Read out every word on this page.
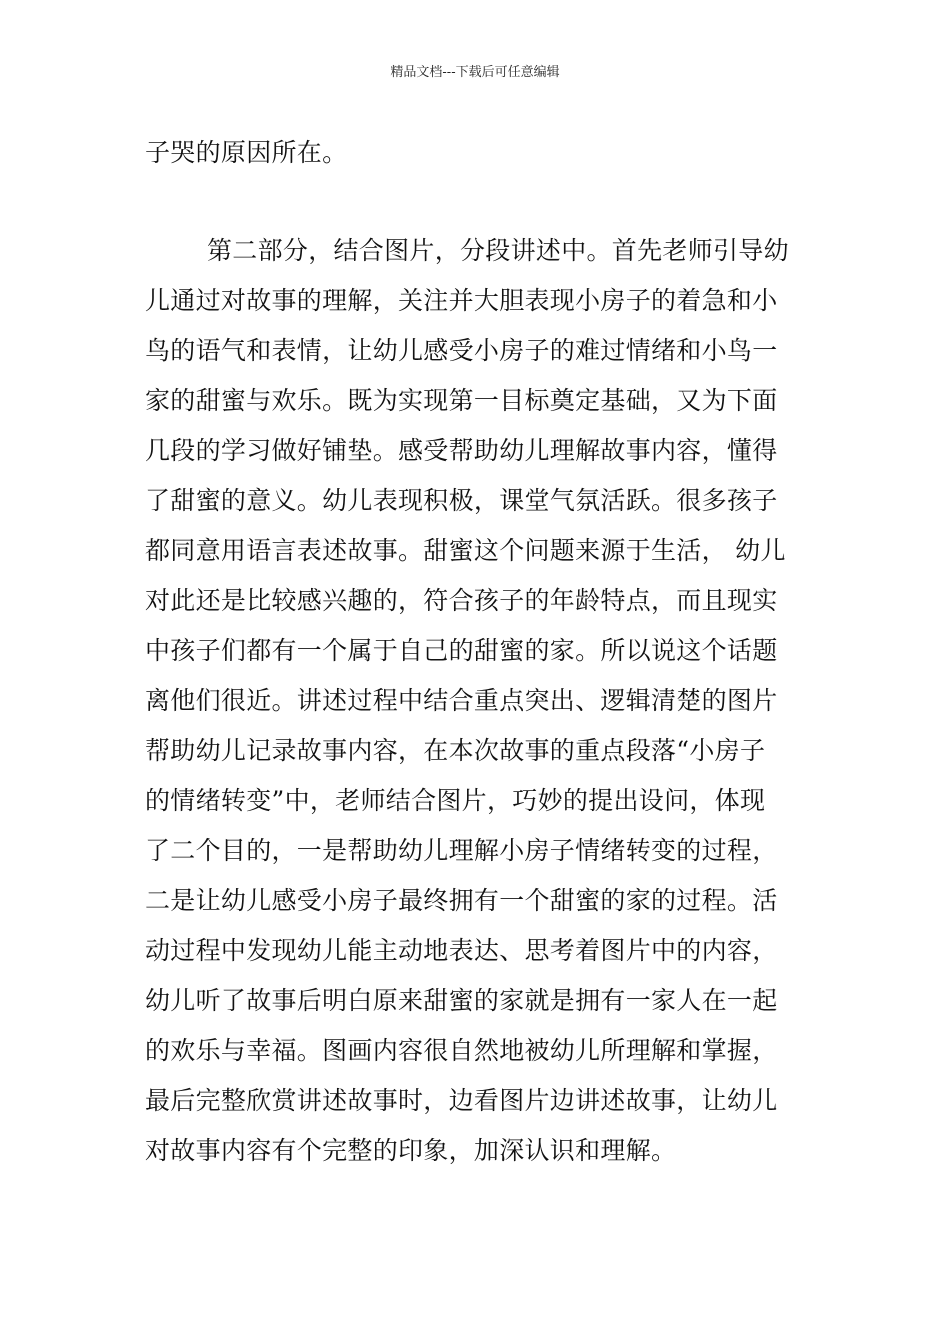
精品文档---下载后可任意编辑
子哭的原因所在。
第二部分，结合图片，分段讲述中。首先老师引导幼
儿通过对故事的理解，关注并大胆表现小房子的着急和小
鸟的语气和表情，让幼儿感受小房子的难过情绪和小鸟一
家的甜蜜与欢乐。既为实现第一目标奠定基础，又为下面
几段的学习做好铺垫。感受帮助幼儿理解故事内容，懂得
了甜蜜的意义。幼儿表现积极，课堂气氛活跃。很多孩子
都同意用语言表述故事。甜蜜这个问题来源于生活， 幼儿
对此还是比较感兴趣的，符合孩子的年龄特点，而且现实
中孩子们都有一个属于自己的甜蜜的家。所以说这个话题
离他们很近。讲述过程中结合重点突出、逻辑清楚的图片
帮助幼儿记录故事内容，在本次故事的重点段落“小房子
的情绪转变”中，老师结合图片，巧妙的提出设问，体现
了二个目的，一是帮助幼儿理解小房子情绪转变的过程，
二是让幼儿感受小房子最终拥有一个甜蜜的家的过程。活
动过程中发现幼儿能主动地表达、思考着图片中的内容，
幼儿听了故事后明白原来甜蜜的家就是拥有一家人在一起
的欢乐与幸福。图画内容很自然地被幼儿所理解和掌握，
最后完整欣赏讲述故事时，边看图片边讲述故事，让幼儿
对故事内容有个完整的印象，加深认识和理解。
